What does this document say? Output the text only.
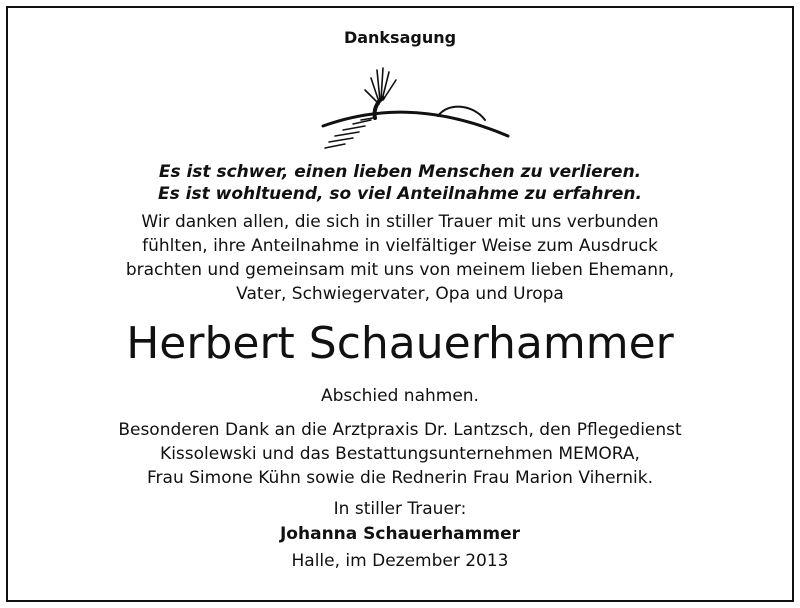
Danksagung
Es ist schwer, einen lieben Menschen zu verlieren.
Es ist wohltuend, so viel Anteilnahme zu erfahren.
Wir danken allen, die sich in stiller Trauer mit uns verbunden
fühlten, ihre Anteilnahme in vielfältiger Weise zum Ausdruck
brachten und gemeinsam mit uns von meinem lieben Ehemann,
Vater, Schwiegervater, Opa und Uropa
Herbert Schauerhammer
Abschied nahmen.
Besonderen Dank an die Arztpraxis Dr. Lantzsch, den Pflegedienst
Kissolewski und das Bestattungsunternehmen MEMORA,
Frau Simone Kühn sowie die Rednerin Frau Marion Vihernik.
In stiller Trauer:
Johanna Schauerhammer
Halle, im Dezember 2013
